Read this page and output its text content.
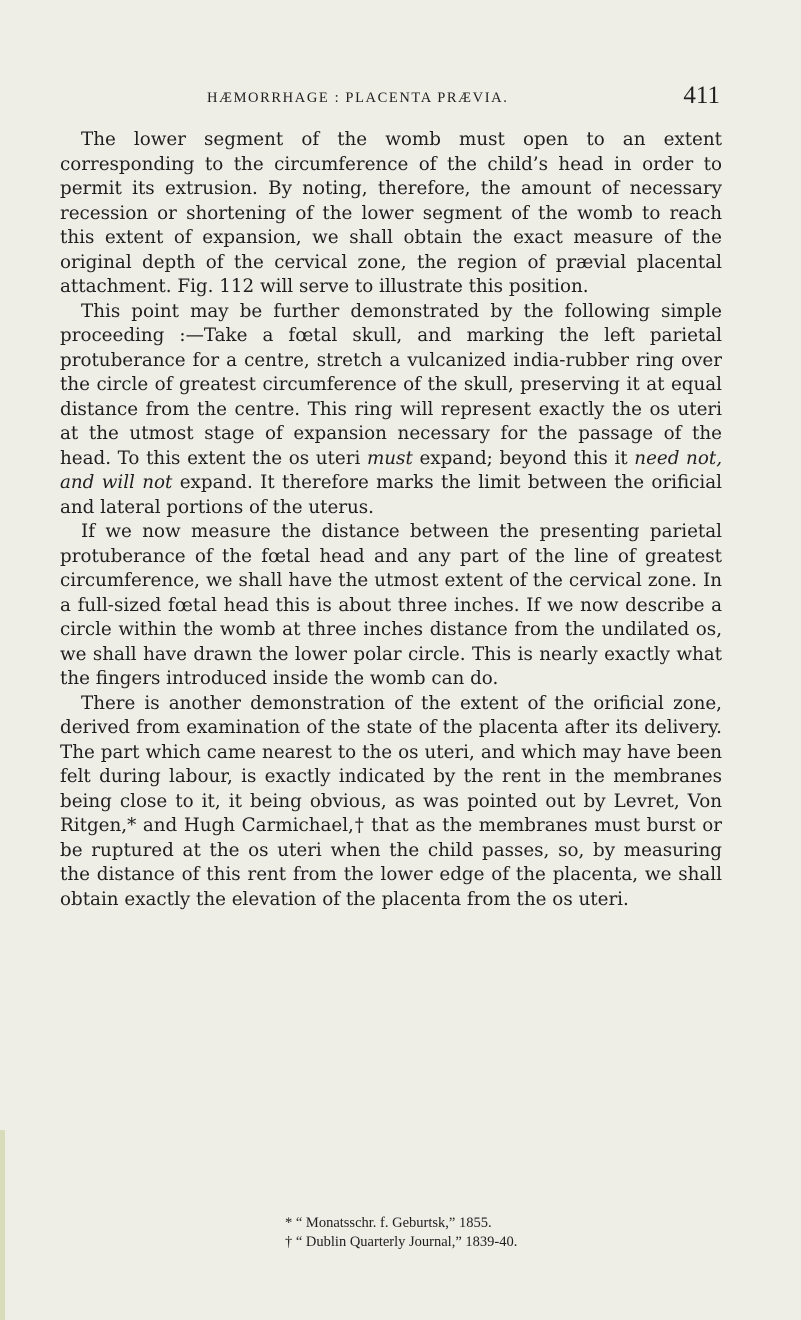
HÆMORRHAGE : PLACENTA PRÆVIA.	411

The lower segment of the womb must open to an extent corresponding to the circumference of the child’s head in order to permit its extrusion. By noting, therefore, the amount of necessary recession or shortening of the lower segment of the womb to reach this extent of expansion, we shall obtain the exact measure of the original depth of the cervical zone, the region of prævial placental attachment. Fig. 112 will serve to illustrate this position.

This point may be further demonstrated by the following simple proceeding :—Take a fœtal skull, and marking the left parietal protuberance for a centre, stretch a vulcanized india-rubber ring over the circle of greatest circumference of the skull, preserving it at equal distance from the centre. This ring will represent exactly the os uteri at the utmost stage of expansion necessary for the passage of the head. To this extent the os uteri must expand; beyond this it need not, and will not expand. It therefore marks the limit between the orificial and lateral portions of the uterus.

If we now measure the distance between the presenting parietal protuberance of the fœtal head and any part of the line of greatest circumference, we shall have the utmost extent of the cervical zone. In a full-sized fœtal head this is about three inches. If we now describe a circle within the womb at three inches distance from the undilated os, we shall have drawn the lower polar circle. This is nearly exactly what the fingers introduced inside the womb can do.

There is another demonstration of the extent of the orificial zone, derived from examination of the state of the placenta after its delivery. The part which came nearest to the os uteri, and which may have been felt during labour, is exactly indicated by the rent in the membranes being close to it, it being obvious, as was pointed out by Levret, Von Ritgen,* and Hugh Carmichael,† that as the membranes must burst or be ruptured at the os uteri when the child passes, so, by measuring the distance of this rent from the lower edge of the placenta, we shall obtain exactly the elevation of the placenta from the os uteri.

* “ Monatsschr. f. Geburtsk,” 1855.
† “ Dublin Quarterly Journal,” 1839-40.
